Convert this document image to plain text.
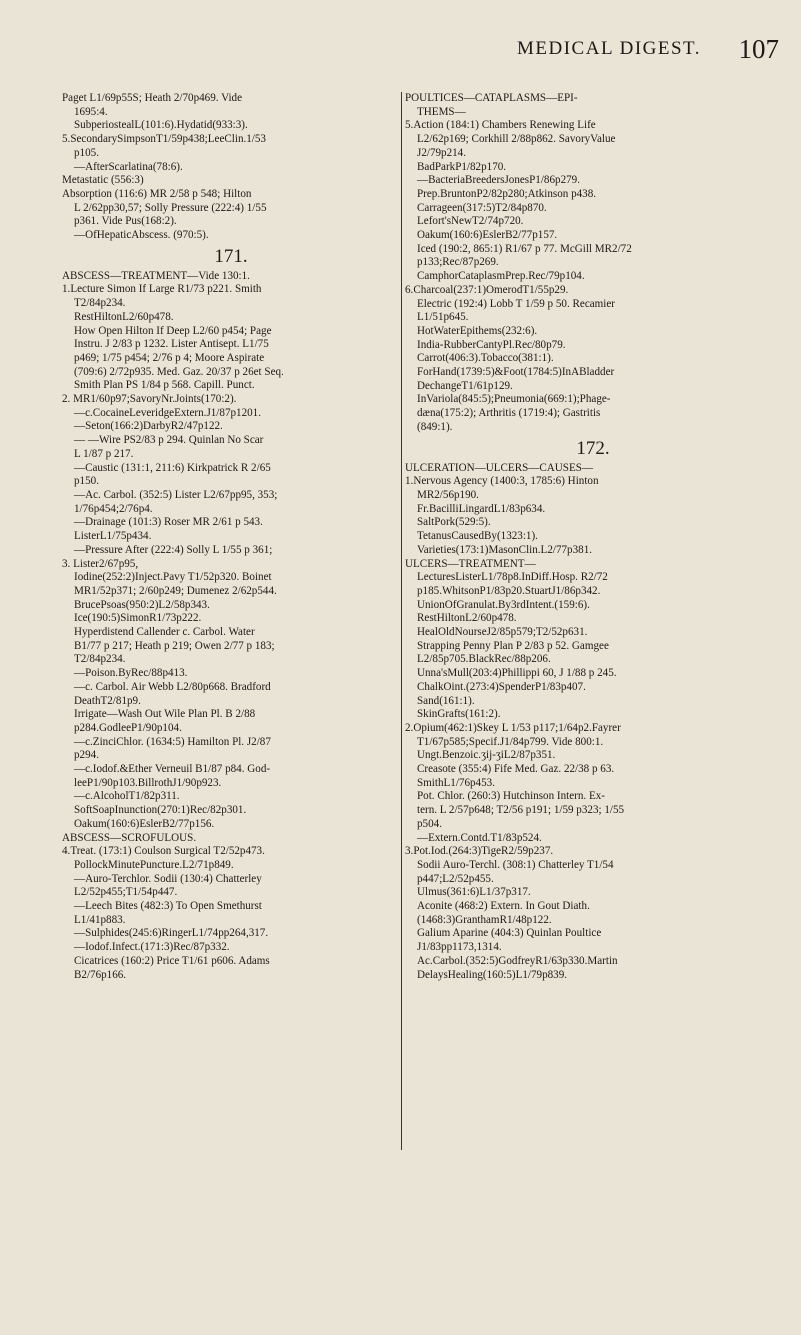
MEDICAL DIGEST. 107
Paget L1/69p55S; Heath 2/70p469. Vide
1695:4.
SubperiostealL(101:6).Hydatid(933:3).
5.SecondarySimpsonT1/59p438;LeeClin.1/53
p105.
—AfterScarlatina(78:6).
Metastatic (556:3)
Absorption (116:6) MR 2/58 p 548; Hilton
L 2/62pp30,57; Solly Pressure (222:4) 1/55
p361. Vide Pus(168:2).
—OfHepaticAbscess. (970:5).
171.
ABSCESS—TREATMENT—Vide 130:1.
1.Lecture Simon If Large R1/73 p221. Smith
T2/84p234.
RestHiltonL2/60p478.
How Open Hilton If Deep L2/60 p454; Page
Instru. J 2/83 p 1232. Lister Antisept. L1/75
p469; 1/75 p454; 2/76 p 4; Moore Aspirate
(709:6) 2/72p935. Med. Gaz. 20/37 p 26et Seq.
Smith Plan PS 1/84 p 568. Capill. Punct.
2. MR1/60p97;SavoryNr.Joints(170:2).
—c.CocaineLeveridgeExtern.J1/87p1201.
—Seton(166:2)DarbyR2/47p122.
— —Wire PS2/83 p 294. Quinlan No Scar
L 1/87 p 217.
—Caustic (131:1, 211:6) Kirkpatrick R 2/65
p150.
—Ac. Carbol. (352:5) Lister L2/67pp95, 353;
1/76p454;2/76p4.
—Drainage (101:3) Roser MR 2/61 p 543.
ListerL1/75p434.
—Pressure After (222:4) Solly L 1/55 p 361;
3. Lister2/67p95,
Iodine(252:2)Inject.Pavy T1/52p320. Boinet
MR1/52p371; 2/60p249; Dumenez 2/62p544.
BrucePsoas(950:2)L2/58p343.
Ice(190:5)SimonR1/73p222.
Hyperdistend Callender c. Carbol. Water
B1/77 p 217; Heath p 219; Owen 2/77 p 183;
T2/84p234.
—Poison.ByRec/88p413.
—c. Carbol. Air Webb L2/80p668. Bradford
DeathT2/81p9.
Irrigate—Wash Out Wile Plan Pl. B 2/88
p284.GodleeP1/90p104.
—c.ZinciChlor. (1634:5) Hamilton Pl. J2/87
p294.
—c.Iodof.&Ether Verneuil B1/87 p84. God-
leeP1/90p103.BillrothJ1/90p923.
—c.AlcoholT1/82p311.
SoftSoapInunction(270:1)Rec/82p301.
Oakum(160:6)EslerB2/77p156.
ABSCESS—SCROFULOUS.
4.Treat. (173:1) Coulson Surgical T2/52p473.
PollockMinutePuncture.L2/71p849.
—Auro-Terchlor. Sodii (130:4) Chatterley
L2/52p455;T1/54p447.
—Leech Bites (482:3) To Open Smethurst
L1/41p883.
—Sulphides(245:6)RingerL1/74pp264,317.
—Iodof.Infect.(171:3)Rec/87p332.
Cicatrices (160:2) Price T1/61 p606. Adams
B2/76p166.
POULTICES—CATAPLASMS—EPI-
THEMS—
5.Action (184:1) Chambers Renewing Life
L2/62p169; Corkhill 2/88p862. SavoryValue
J2/79p214.
BadParkP1/82p170.
—BacteriaBreedersJonesP1/86p279.
Prep.BruntonP2/82p280;Atkinson p438.
Carrageen(317:5)T2/84p870.
Lefort'sNewT2/74p720.
Oakum(160:6)EslerB2/77p157.
Iced (190:2, 865:1) R1/67 p 77. McGill MR2/72
p133;Rec/87p269.
CamphorCataplasmPrep.Rec/79p104.
6.Charcoal(237:1)OmerodT1/55p29.
Electric (192:4) Lobb T 1/59 p 50. Recamier
L1/51p645.
HotWaterEpithems(232:6).
India-RubberCantyPl.Rec/80p79.
Carrot(406:3).Tobacco(381:1).
ForHand(1739:5)&Foot(1784:5)InABladder
DechangeT1/61p129.
InVariola(845:5);Pneumonia(669:1);Phage-
dæna(175:2); Arthritis (1719:4); Gastritis
(849:1).
172.
ULCERATION—ULCERS—CAUSES—
1.Nervous Agency (1400:3, 1785:6) Hinton
MR2/56p190.
Fr.BacilliLingardL1/83p634.
SaltPork(529:5).
TetanusCausedBy(1323:1).
Varieties(173:1)MasonClin.L2/77p381.
ULCERS—TREATMENT—
LecturesListerL1/78p8.InDiff.Hosp. R2/72
p185.WhitsonP1/83p20.StuartJ1/86p342.
UnionOfGranulat.By3rdIntent.(159:6).
RestHiltonL2/60p478.
HealOldNourseJ2/85p579;T2/52p631.
Strapping Penny Plan P 2/83 p 52. Gamgee
L2/85p705.BlackRec/88p206.
Unna'sMull(203:4)Phillippi 60, J 1/88 p 245.
ChalkOint.(273:4)SpenderP1/83p407.
Sand(161:1).
SkinGrafts(161:2).
2.Opium(462:1)Skey L 1/53 p117;1/64p2.Fayrer
T1/67p585;Specif.J1/84p799. Vide 800:1.
Ungt.Benzoic.ʒij-ʒiL2/87p351.
Creasote (355:4) Fife Med. Gaz. 22/38 p 63.
SmithL1/76p453.
Pot. Chlor. (260:3) Hutchinson Intern. Ex-
tern. L 2/57p648; T2/56 p191; 1/59 p323; 1/55
p504.
—Extern.Contd.T1/83p524.
3.Pot.Iod.(264:3)TigeR2/59p237.
Sodii Auro-Terchl. (308:1) Chatterley T1/54
p447;L2/52p455.
Ulmus(361:6)L1/37p317.
Aconite (468:2) Extern. In Gout Diath.
(1468:3)GranthamR1/48p122.
Galium Aparine (404:3) Quinlan Poultice
J1/83pp1173,1314.
Ac.Carbol.(352:5)GodfreyR1/63p330.Martin
DelaysHealing(160:5)L1/79p839.
